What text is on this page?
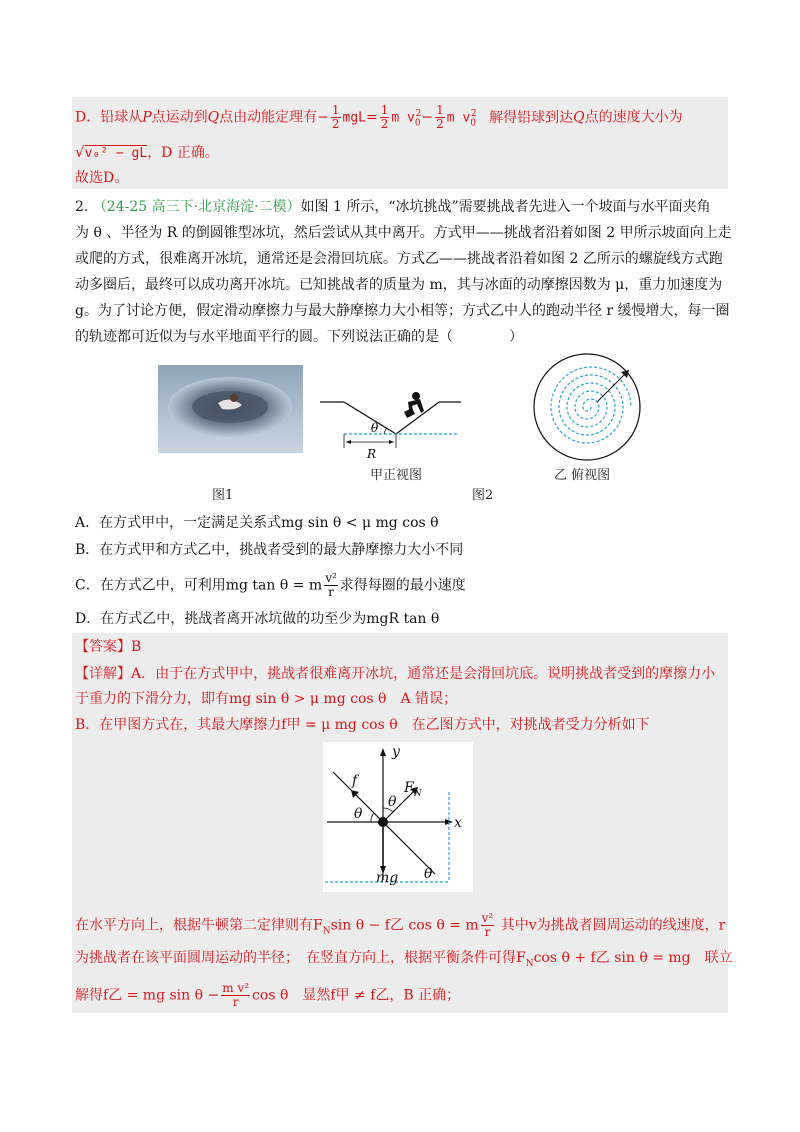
D．铅球从P点运动到Q点由动能定理有− $\frac{1}{2} mgL= \frac{1}{2}$ m $v_0^2- \frac{1}{2}$ m $v_0^2$ 解得铅球到达Q点的速度大小为
√v₀² − gL，D 正确。
故选D。
2. （24-25 高三下·北京海淀·二模）如图 1 所示，“冰坑挑战”需要挑战者先进入一个坡面与水平面夹角
为 θ 、半径为 R 的倒圆锥型冰坑，然后尝试从其中离开。方式甲——挑战者沿着如图 2 甲所示坡面向上走
或爬的方式，很难离开冰坑，通常还是会滑回坑底。方式乙——挑战者沿着如图 2 乙所示的螺旋线方式跑
动多圈后，最终可以成功离开冰坑。已知挑战者的质量为 m，其与冰面的动摩擦因数为 μ，重力加速度为
g。为了讨论方便，假定滑动摩擦力与最大静摩擦力大小相等；方式乙中人的跑动半径 r 缓慢增大，每一圈
的轨迹都可近似为与水平地面平行的圆。下列说法正确的是（　　　　）
图1
θ
R
甲正视图
图2
乙 俯视图
A．在方式甲中，一定满足关系式mg sin θ < μ mg cos θ
B．在方式甲和方式乙中，挑战者受到的最大静摩擦力大小不同
C．在方式乙中，可利用mg tan θ = m $\frac{\text{v²}}{r}$ 求得每圈的最小速度
D．在方式乙中，挑战者离开冰坑做的功至少为mgR tan θ
【答案】B
【详解】A．由于在方式甲中，挑战者很难离开冰坑，通常还是会滑回坑底。说明挑战者受到的摩擦力小
于重力的下滑分力，即有mg sin θ > μ mg cos θ　A 错误；
B．在甲图方式在，其最大摩擦力f甲 = μ mg cos θ　在乙图方式中，对挑战者受力分析如下
y
x
f	$F_N$
θ
θ
θ
mg
在水平方向上，根据牛顿第二定律则有$F_N\sin$ θ − f乙 cos θ = m $\frac{\text{v²}}{r}$ 其中v为挑战者圆周运动的线速度，r
为挑战者在该平面圆周运动的半径；　在竖直方向上，根据平衡条件可得$F_N\cos$ θ + f乙 sin θ = mg　联立
解得f乙 = mg $\sin \theta - \frac{\text{m v²}}{r}$ cos θ　显然f甲 ≠ f乙，B 正确；
